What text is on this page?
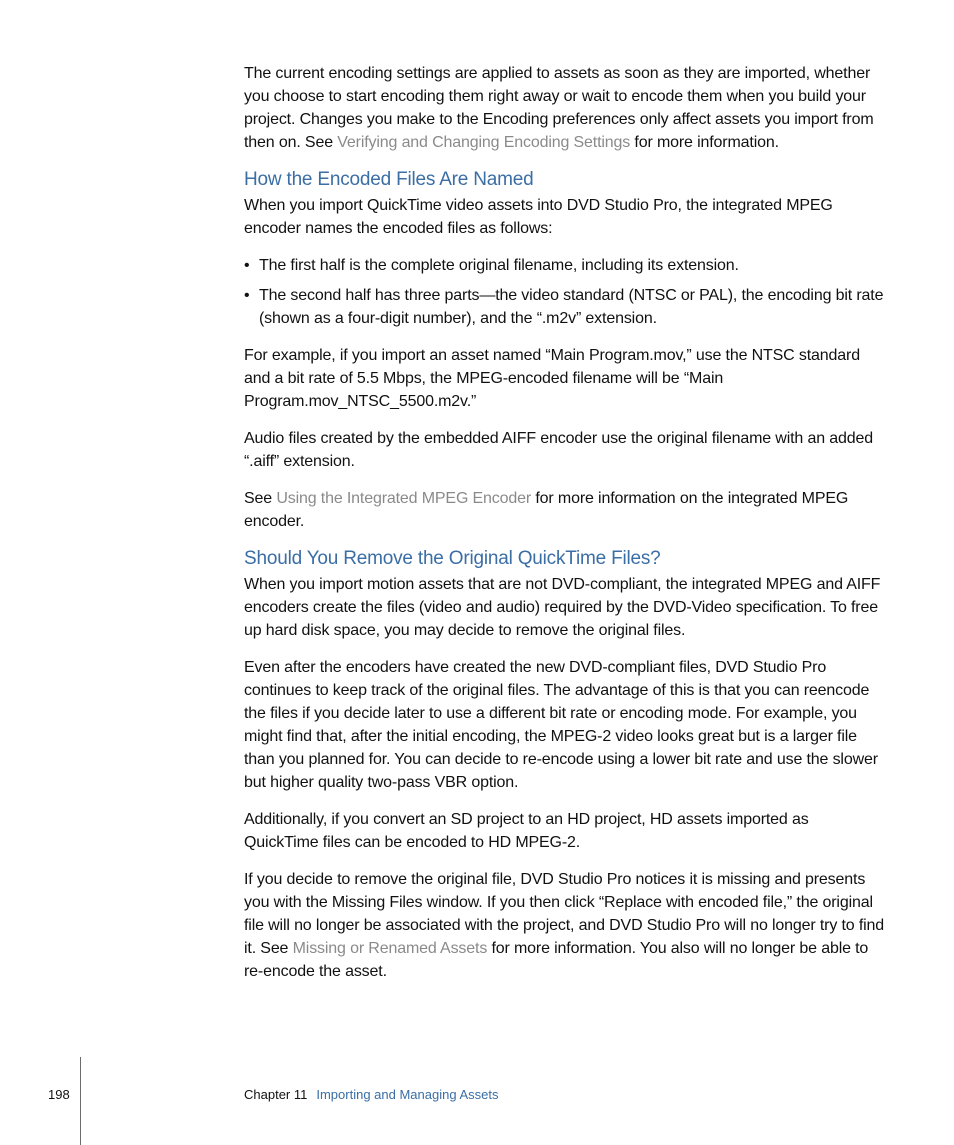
The current encoding settings are applied to assets as soon as they are imported, whether you choose to start encoding them right away or wait to encode them when you build your project. Changes you make to the Encoding preferences only affect assets you import from then on. See Verifying and Changing Encoding Settings for more information.

How the Encoded Files Are Named

When you import QuickTime video assets into DVD Studio Pro, the integrated MPEG encoder names the encoded files as follows:

• The first half is the complete original filename, including its extension.
• The second half has three parts—the video standard (NTSC or PAL), the encoding bit rate (shown as a four-digit number), and the “.m2v” extension.

For example, if you import an asset named “Main Program.mov,” use the NTSC standard and a bit rate of 5.5 Mbps, the MPEG-encoded filename will be “Main Program.mov_NTSC_5500.m2v.”

Audio files created by the embedded AIFF encoder use the original filename with an added “.aiff” extension.

See Using the Integrated MPEG Encoder for more information on the integrated MPEG encoder.

Should You Remove the Original QuickTime Files?

When you import motion assets that are not DVD-compliant, the integrated MPEG and AIFF encoders create the files (video and audio) required by the DVD-Video specification. To free up hard disk space, you may decide to remove the original files.

Even after the encoders have created the new DVD-compliant files, DVD Studio Pro continues to keep track of the original files. The advantage of this is that you can reencode the files if you decide later to use a different bit rate or encoding mode. For example, you might find that, after the initial encoding, the MPEG-2 video looks great but is a larger file than you planned for. You can decide to re-encode using a lower bit rate and use the slower but higher quality two-pass VBR option.

Additionally, if you convert an SD project to an HD project, HD assets imported as QuickTime files can be encoded to HD MPEG-2.

If you decide to remove the original file, DVD Studio Pro notices it is missing and presents you with the Missing Files window. If you then click “Replace with encoded file,” the original file will no longer be associated with the project, and DVD Studio Pro will no longer try to find it. See Missing or Renamed Assets for more information. You also will no longer be able to re-encode the asset.

198	Chapter 11 Importing and Managing Assets
